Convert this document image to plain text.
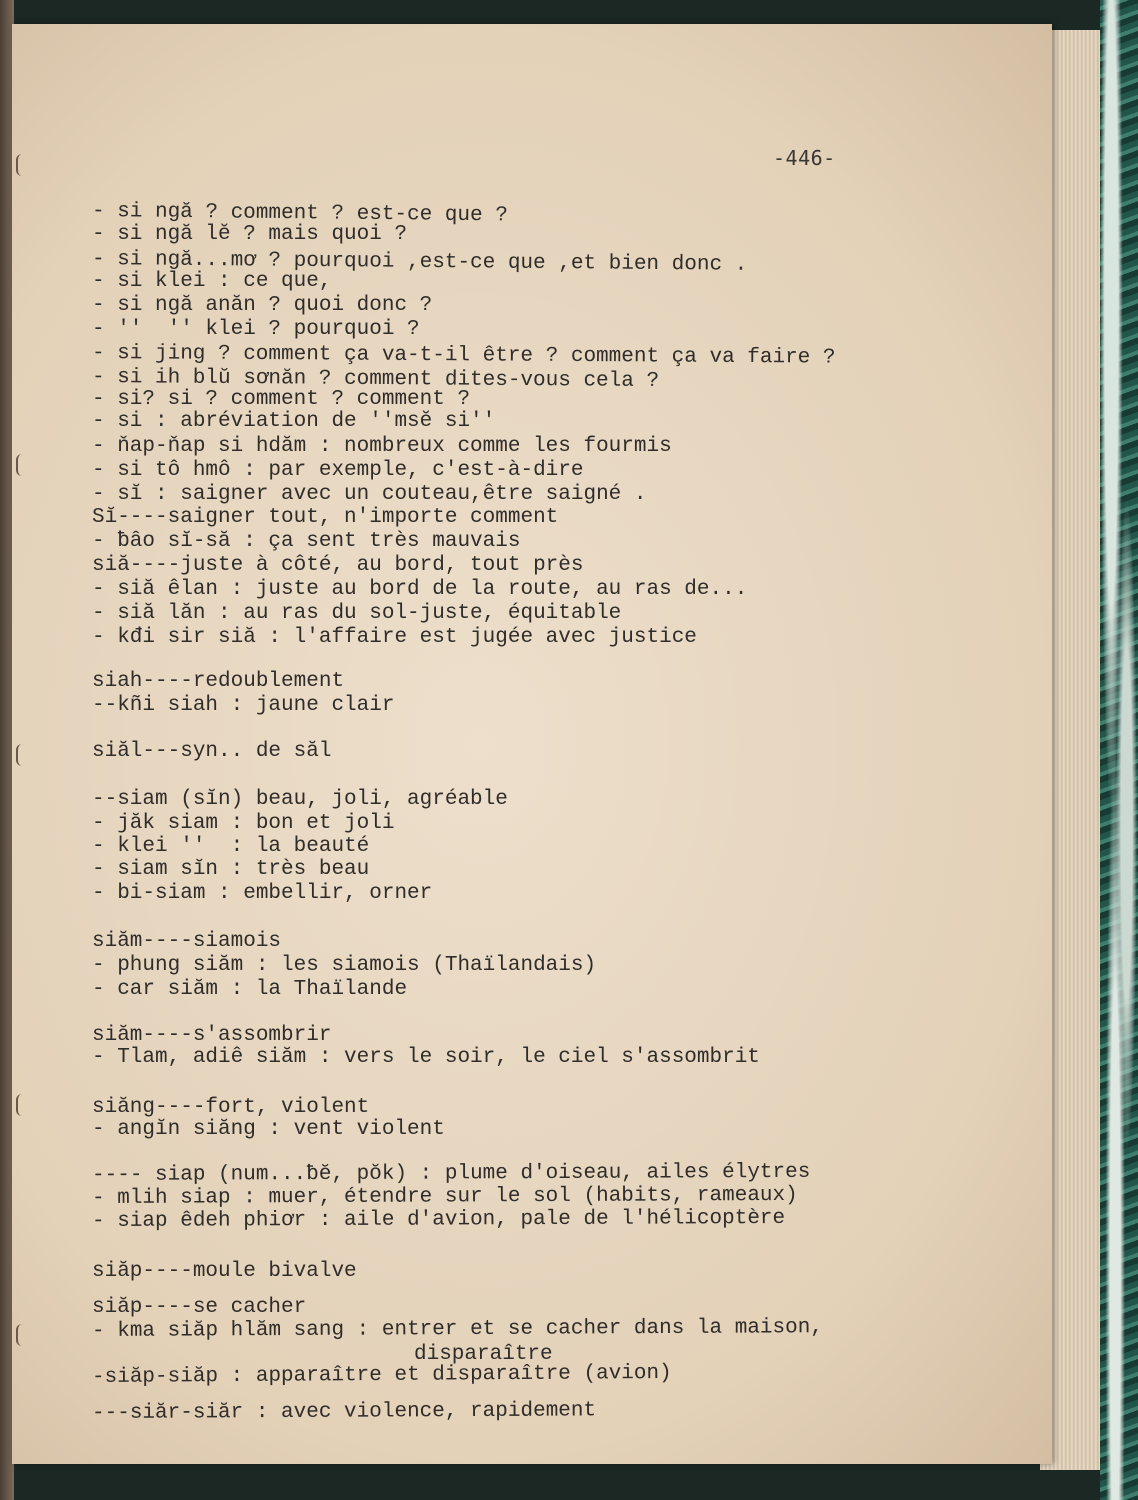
-446-

- si ngă ? comment ? est-ce que ?

- si ngă lĕ ? mais quoi ?

- si ngă...mơ ? pourquoi ,est-ce que ,et bien donc .

- si klei : ce que,

- si ngă anăn ? quoi donc ?

- ''  '' klei ? pourquoi ?

- si jing ? comment ça va-t-il être ? comment ça va faire ?

- si ih blŭ sơnăn ? comment dites-vous cela ?

- si? si ? comment ? comment ?

- si : abréviation de ''msĕ si''

- ňap-ňap si hdăm : nombreux comme les fourmis

- si tô hmô : par exemple, c'est-à-dire

- sĭ : saigner avec un couteau,être saigné .

Sĭ----saigner tout, n'importe comment

- ƀâo sĭ-să : ça sent très mauvais

siă----juste à côté, au bord, tout près

- siă êlan : juste au bord de la route, au ras de...

- siă lăn : au ras du sol-juste, équitable

- kđi sir siă : l'affaire est jugée avec justice

siah----redoublement

--kñi siah : jaune clair

siăl---syn.. de săl

--siam (sĭn) beau, joli, agréable

- jăk siam : bon et joli

- klei ''  : la beauté

- siam sĭn : très beau

- bi-siam : embellir, orner

siăm----siamois

- phung siăm : les siamois (Thaïlandais)

- car siăm : la Thaïlande

siăm----s'assombrir

- Tlam, adiê siăm : vers le soir, le ciel s'assombrit

siăng----fort, violent

- angĭn siăng : vent violent

---- siap (num...ƀĕ, pŏk) : plume d'oiseau, ailes élytres

- mlih siap : muer, étendre sur le sol (habits, rameaux)

- siap êdeh phiơr : aile d'avion, pale de l'hélicoptère

siăp----moule bivalve

siăp----se cacher

- kma siăp hlăm sang : entrer et se cacher dans la maison,

disparaître

-siăp-siăp : apparaître et disparaître (avion)

---siăr-siăr : avec violence, rapidement
